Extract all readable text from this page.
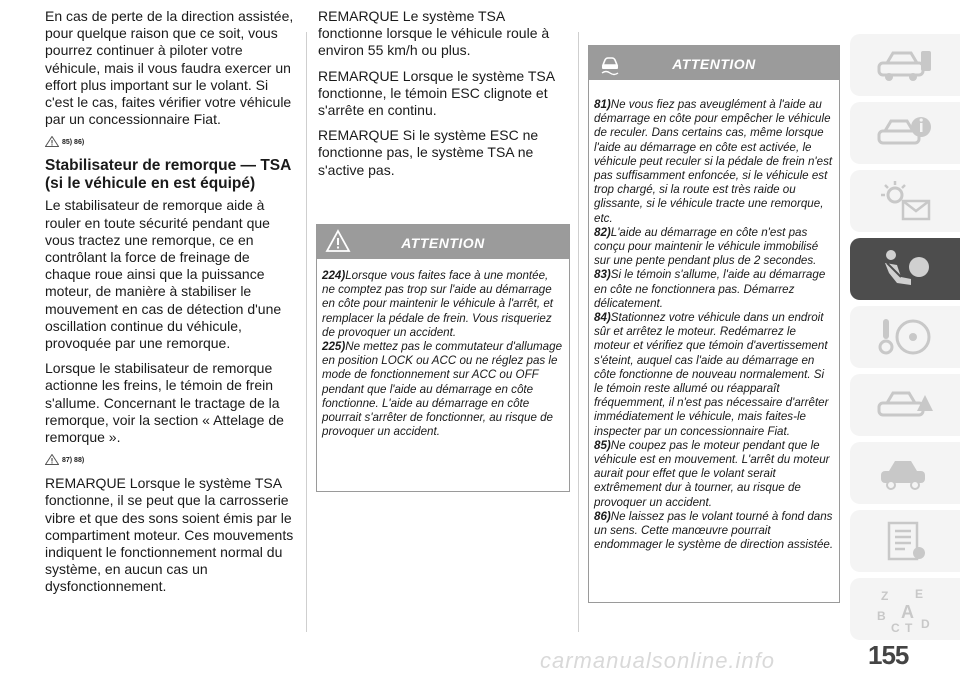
En cas de perte de la direction assistée, pour quelque raison que ce soit, vous pourrez continuer à piloter votre véhicule, mais il vous faudra exercer un effort plus important sur le volant. Si c'est le cas, faites vérifier votre véhicule par un concessionnaire Fiat.

85) 86)
Stabilisateur de remorque — TSA (si le véhicule en est équipé)

Le stabilisateur de remorque aide à rouler en toute sécurité pendant que vous tractez une remorque, ce en contrôlant la force de freinage de chaque roue ainsi que la puissance moteur, de manière à stabiliser le mouvement en cas de détection d'une oscillation continue du véhicule, provoquée par une remorque.

Lorsque le stabilisateur de remorque actionne les freins, le témoin de frein s'allume. Concernant le tractage de la remorque, voir la section « Attelage de remorque ».

87) 88)

REMARQUE Lorsque le système TSA fonctionne, il se peut que la carrosserie vibre et que des sons soient émis par le compartiment moteur. Ces mouvements indiquent le fonctionnement normal du système, en aucun cas un dysfonctionnement.

REMARQUE Le système TSA fonctionne lorsque le véhicule roule à environ 55 km/h ou plus.

REMARQUE Lorsque le système TSA fonctionne, le témoin ESC clignote et s'arrête en continu.

REMARQUE Si le système ESC ne fonctionne pas, le système TSA ne s'active pas.

ATTENTION

224)Lorsque vous faites face à une montée, ne comptez pas trop sur l'aide au démarrage en côte pour maintenir le véhicule à l'arrêt, et remplacer la pédale de frein. Vous risqueriez de provoquer un accident.

225)Ne mettez pas le commutateur d'allumage en position LOCK ou ACC ou ne réglez pas le mode de fonctionnement sur ACC ou OFF pendant que l'aide au démarrage en côte fonctionne. L'aide au démarrage en côte pourrait s'arrêter de fonctionner, au risque de provoquer un accident.

ATTENTION

81)Ne vous fiez pas aveuglément à l'aide au démarrage en côte pour empêcher le véhicule de reculer. Dans certains cas, même lorsque l'aide au démarrage en côte est activée, le véhicule peut reculer si la pédale de frein n'est pas suffisamment enfoncée, si le véhicule est trop chargé, si la route est très raide ou glissante, si le véhicule tracte une remorque, etc.

82)L'aide au démarrage en côte n'est pas conçu pour maintenir le véhicule immobilisé sur une pente pendant plus de 2 secondes.

83)Si le témoin s'allume, l'aide au démarrage en côte ne fonctionnera pas. Démarrez délicatement.

84)Stationnez votre véhicule dans un endroit sûr et arrêtez le moteur. Redémarrez le moteur et vérifiez que témoin d'avertissement s'éteint, auquel cas l'aide au démarrage en côte fonctionne de nouveau normalement. Si le témoin reste allumé ou réapparaît fréquemment, il n'est pas nécessaire d'arrêter immédiatement le véhicule, mais faites-le inspecter par un concessionnaire Fiat.

85)Ne coupez pas le moteur pendant que le véhicule est en mouvement. L'arrêt du moteur aurait pour effet que le volant serait extrêmement dur à tourner, au risque de provoquer un accident.

86)Ne laissez pas le volant tourné à fond dans un sens. Cette manœuvre pourrait endommager le système de direction assistée.

Z E
B A
C T D
carmanualsonline.info	155
